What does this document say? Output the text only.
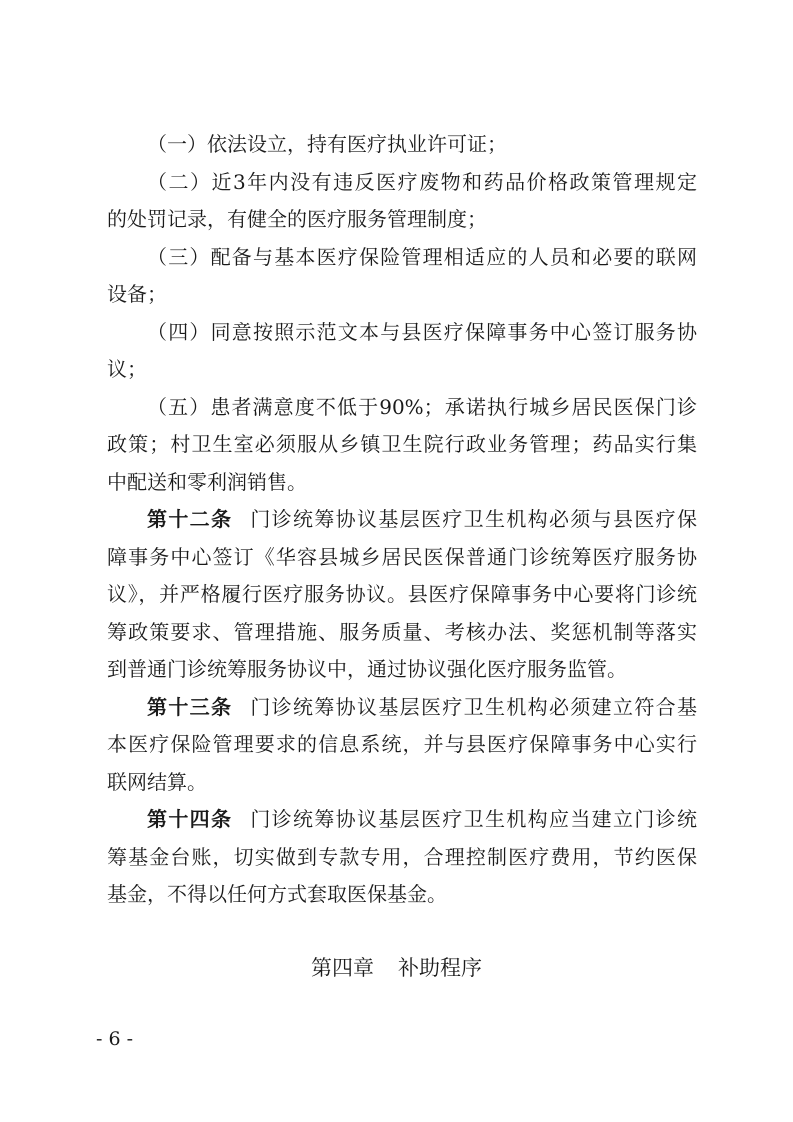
（一）依法设立，持有医疗执业许可证；
（二）近3年内没有违反医疗废物和药品价格政策管理规定
的处罚记录，有健全的医疗服务管理制度；
（三）配备与基本医疗保险管理相适应的人员和必要的联网
设备；
（四）同意按照示范文本与县医疗保障事务中心签订服务协
议；
（五）患者满意度不低于90%；承诺执行城乡居民医保门诊
政策；村卫生室必须服从乡镇卫生院行政业务管理；药品实行集
中配送和零利润销售。
第十二条 门诊统筹协议基层医疗卫生机构必须与县医疗保
障事务中心签订《华容县城乡居民医保普通门诊统筹医疗服务协
议》，并严格履行医疗服务协议。县医疗保障事务中心要将门诊统
筹政策要求、管理措施、服务质量、考核办法、奖惩机制等落实
到普通门诊统筹服务协议中，通过协议强化医疗服务监管。
第十三条 门诊统筹协议基层医疗卫生机构必须建立符合基
本医疗保险管理要求的信息系统，并与县医疗保障事务中心实行
联网结算。
第十四条 门诊统筹协议基层医疗卫生机构应当建立门诊统
筹基金台账，切实做到专款专用，合理控制医疗费用，节约医保
基金，不得以任何方式套取医保基金。
第四章 补助程序
- 6 -
